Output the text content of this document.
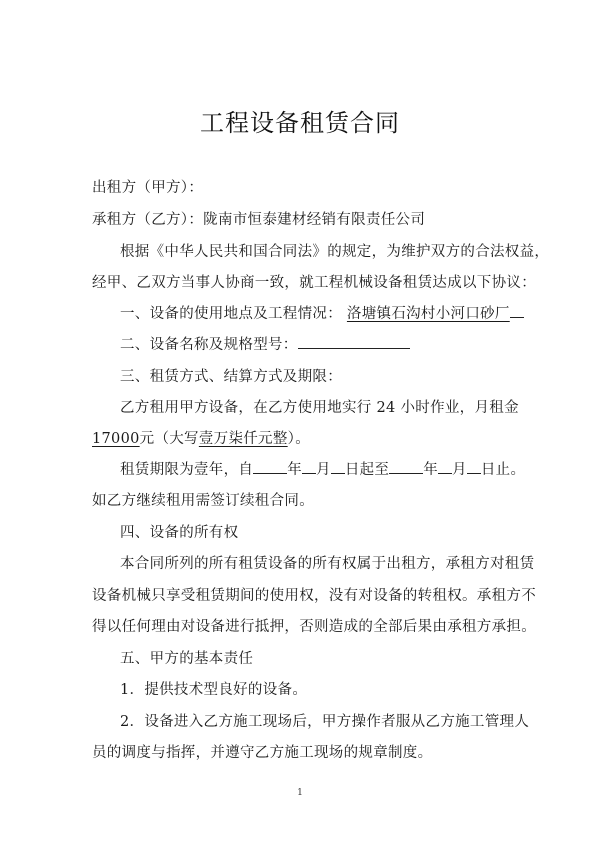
工程设备租赁合同
出租方（甲方）：
承租方（乙方）：陇南市恒泰建材经销有限责任公司
根据《中华人民共和国合同法》的规定，为维护双方的合法权益，
经甲、乙双方当事人协商一致，就工程机械设备租赁达成以下协议：
一、设备的使用地点及工程情况： 洛塘镇石沟村小河口砂厂
二、设备名称及规格型号：
三、租赁方式、结算方式及期限：
乙方租用甲方设备，在乙方使用地实行 24 小时作业，月租金
17000元（大写壹万柒仟元整）。
租赁期限为壹年，自 年 月 日起至 年 月 日止。
如乙方继续租用需签订续租合同。
四、设备的所有权
本合同所列的所有租赁设备的所有权属于出租方，承租方对租赁
设备机械只享受租赁期间的使用权，没有对设备的转租权。承租方不
得以任何理由对设备进行抵押，否则造成的全部后果由承租方承担。
五、甲方的基本责任
1．提供技术型良好的设备。
2．设备进入乙方施工现场后，甲方操作者服从乙方施工管理人
员的调度与指挥，并遵守乙方施工现场的规章制度。
1
